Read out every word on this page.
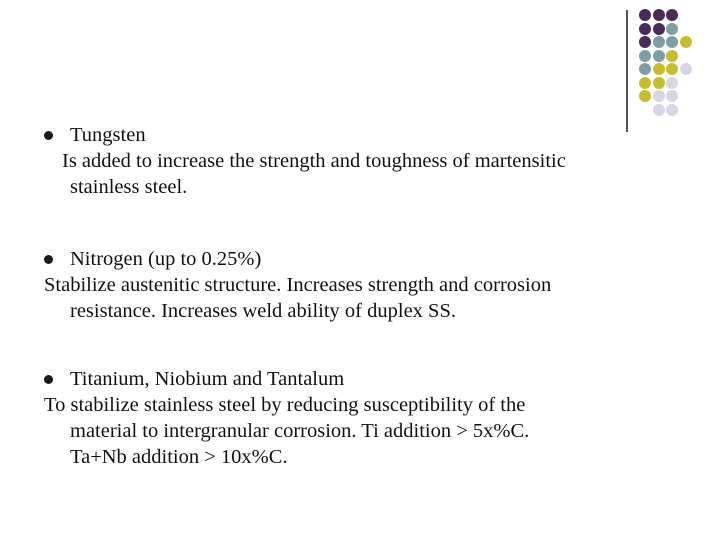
Tungsten
Is added to increase the strength and toughness of martensitic
stainless steel.
Nitrogen (up to 0.25%)
Stabilize austenitic structure. Increases strength and corrosion
resistance. Increases weld ability of duplex SS.
Titanium, Niobium and Tantalum
To stabilize stainless steel by reducing susceptibility of the
material to intergranular corrosion. Ti addition > 5x%C.
Ta+Nb addition > 10x%C.
